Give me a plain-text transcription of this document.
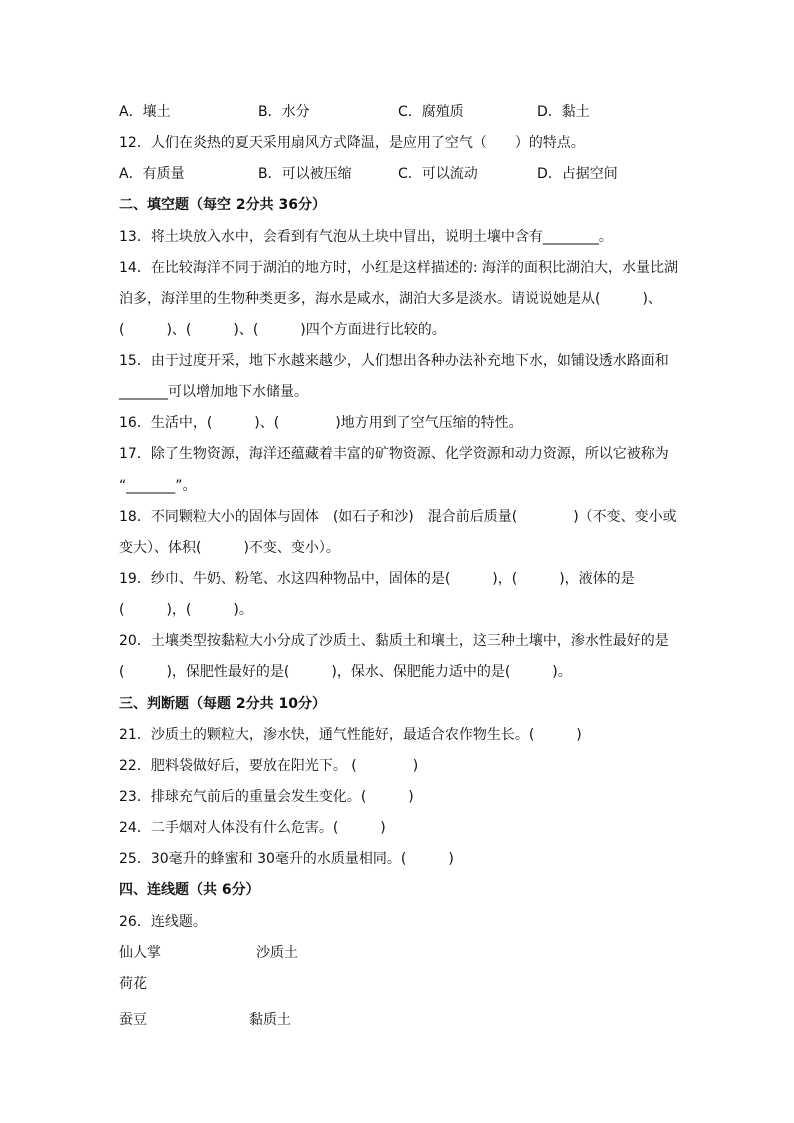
A．壤土	B．水分	C．腐殖质	D．黏土
12．人们在炎热的夏天采用扇风方式降温，是应用了空气（　　）的特点。
A．有质量	B．可以被压缩	C．可以流动	D．占据空间
二、填空题（每空 2分共 36分）
13．将土块放入水中，会看到有气泡从土块中冒出，说明土壤中含有________。
14．在比较海洋不同于湖泊的地方时，小红是这样描述的: 海洋的面积比湖泊大，水量比湖
泊多，海洋里的生物种类更多，海水是咸水，湖泊大多是淡水。请说说她是从(　　　)、
(　　　)、(　　　)、(　　　)四个方面进行比较的。
15．由于过度开采，地下水越来越少，人们想出各种办法补充地下水，如铺设透水路面和
_______可以增加地下水储量。
16．生活中，(　　　)、(　　　　)地方用到了空气压缩的特性。
17．除了生物资源，海洋还蕴藏着丰富的矿物资源、化学资源和动力资源，所以它被称为
“_______”。
18．不同颗粒大小的固体与固体　(如石子和沙)　混合前后质量(　　　　)（不变、变小或
变大）、体积(　　　)不变、变小）。
19．纱巾、牛奶、粉笔、水这四种物品中，固体的是(　　　)，(　　　)，液体的是
(　　　)，(　　　)。
20．土壤类型按黏粒大小分成了沙质土、黏质土和壤土，这三种土壤中，渗水性最好的是
(　　　)，保肥性最好的是(　　　)，保水、保肥能力适中的是(　　　)。
三、判断题（每题 2分共 10分）
21．沙质土的颗粒大，渗水快，通气性能好，最适合农作物生长。(　　　)
22．肥料袋做好后，要放在阳光下。 (　　　　)
23．排球充气前后的重量会发生变化。(　　　)
24．二手烟对人体没有什么危害。(　　　)
25．30毫升的蜂蜜和 30毫升的水质量相同。(　　　)
四、连线题（共 6分）
26．连线题。
仙人掌	沙质土
荷花
蚕豆	黏质土
